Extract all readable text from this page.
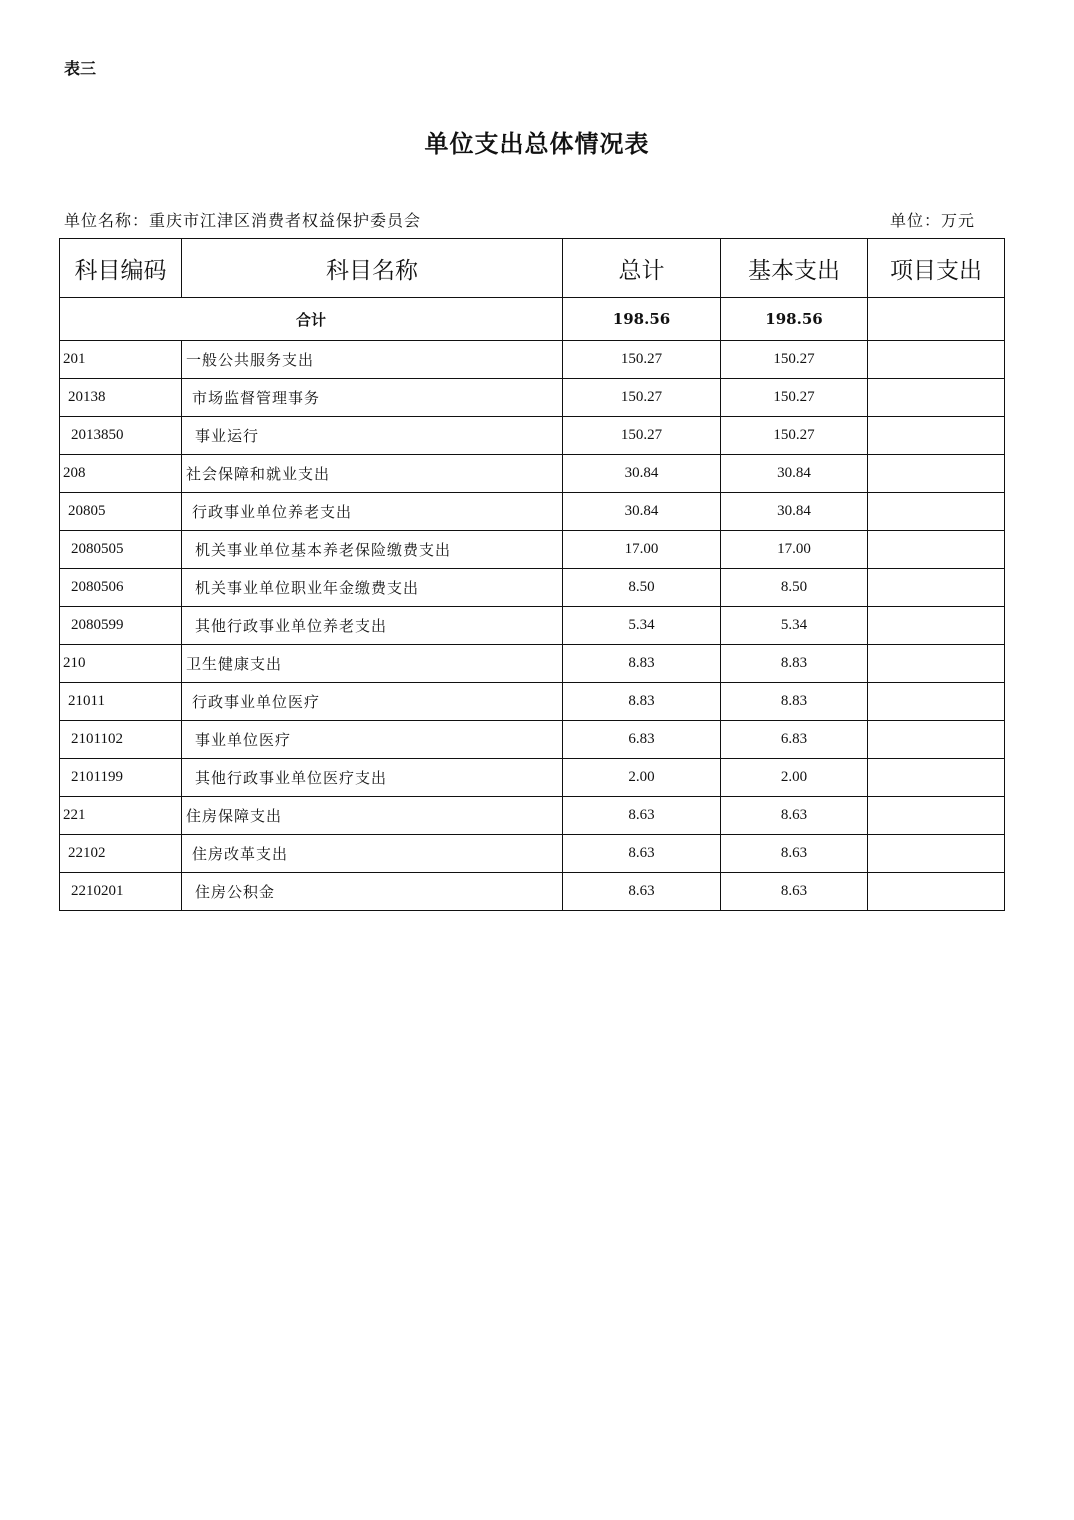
表三
单位支出总体情况表
单位名称：重庆市江津区消费者权益保护委员会	单位：万元
科目编码	科目名称	总计	基本支出	项目支出
合计		198.56	198.56	
201	一般公共服务支出	150.27	150.27	
20138	市场监督管理事务	150.27	150.27	
2013850	事业运行	150.27	150.27	
208	社会保障和就业支出	30.84	30.84	
20805	行政事业单位养老支出	30.84	30.84	
2080505	机关事业单位基本养老保险缴费支出	17.00	17.00	
2080506	机关事业单位职业年金缴费支出	8.50	8.50	
2080599	其他行政事业单位养老支出	5.34	5.34	
210	卫生健康支出	8.83	8.83	
21011	行政事业单位医疗	8.83	8.83	
2101102	事业单位医疗	6.83	6.83	
2101199	其他行政事业单位医疗支出	2.00	2.00	
221	住房保障支出	8.63	8.63	
22102	住房改革支出	8.63	8.63	
2210201	住房公积金	8.63	8.63	
